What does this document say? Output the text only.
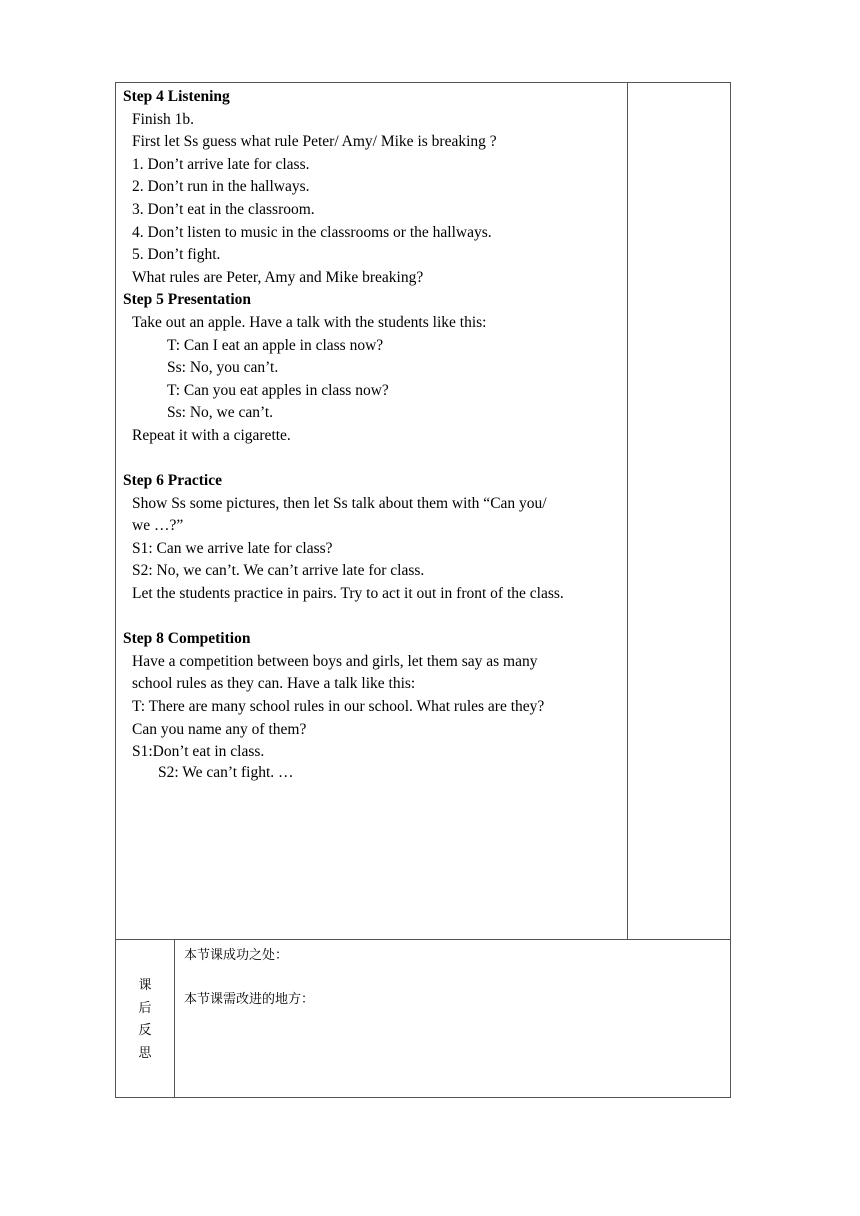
Step 4 Listening
Finish 1b.
First let Ss guess what rule Peter/ Amy/ Mike is breaking ?
1. Don’t arrive late for class.
2. Don’t run in the hallways.
3. Don’t eat in the classroom.
4. Don’t listen to music in the classrooms or the hallways.
5. Don’t fight.
What rules are Peter, Amy and Mike breaking?
Step 5 Presentation
Take out an apple. Have a talk with the students like this:
T: Can I eat an apple in class now?
Ss: No, you can’t.
T: Can you eat apples in class now?
Ss: No, we can’t.
Repeat it with a cigarette.
Step 6 Practice
Show Ss some pictures, then let Ss talk about them with “Can you/
we …?”
S1: Can we arrive late for class?
S2: No, we can’t. We can’t arrive late for class.
Let the students practice in pairs. Try to act it out in front of the class.
Step 8 Competition
Have a competition between boys and girls, let them say as many
school rules as they can. Have a talk like this:
T: There are many school rules in our school. What rules are they?
Can you name any of them?
S1:Don’t eat in class.
S2: We can’t fight. …
课
后
反
思
本节课成功之处：
本节课需改进的地方：
